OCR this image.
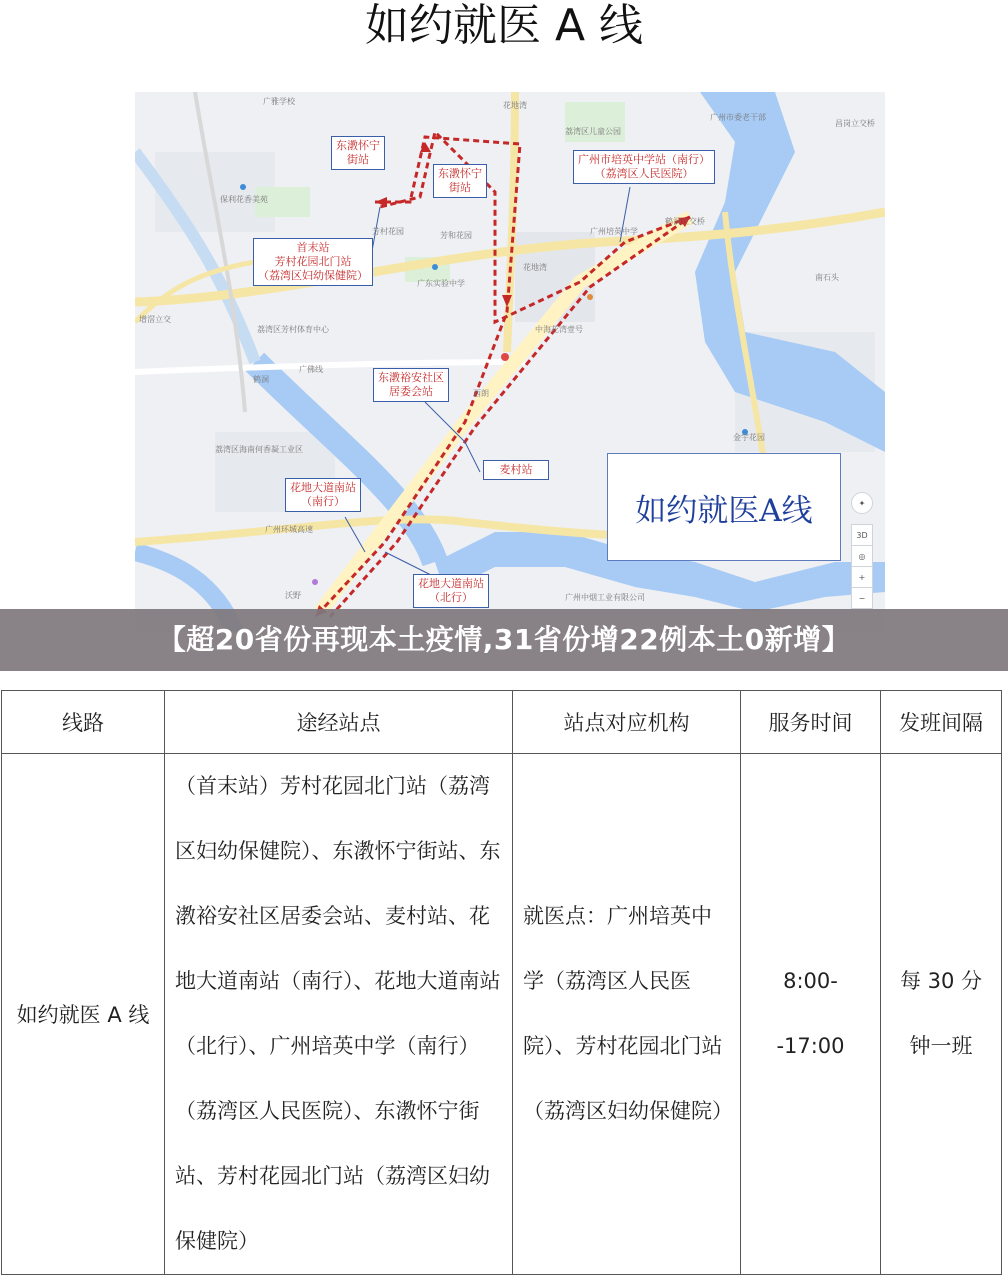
如约就医 A 线
广雅学校	花地湾
荔湾区儿童公园
广州市委老干部
昌岗立交桥
保利花香美苑
芳村花园	芳和花园
花地湾
广东实验中学
增滘立交
荔湾区芳村体育中心
鹤洞
广佛线
中海花湾壹号
西朗
荔湾区海南何香凝工业区
金宇花园
广州环城高速
广州中烟工业有限公司
沃野
鹤洞立交桥
广州培英中学
南石头
东漖怀宁
街站
东漖怀宁
街站
广州市培英中学站（南行）
（荔湾区人民医院）
首末站
芳村花园北门站
（荔湾区妇幼保健院）
东漖裕安社区
居委会站
麦村站
花地大道南站
（南行）
花地大道南站
（北行）
如约就医A线	✦
3D
◎
+
−
【超20省份再现本土疫情,31省份增22例本土0新增】
线路	途经站点	站点对应机构	服务时间	发班间隔
如约就医 A 线	（首末站）芳村花园北门站（荔湾区妇幼保健院）、东漖怀宁街站、东漖裕安社区居委会站、麦村站、花地大道南站（南行）、花地大道南站（北行）、广州培英中学（南行）（荔湾区人民医院）、东漖怀宁街站、芳村花园北门站（荔湾区妇幼保健院）	就医点：广州培英中学（荔湾区人民医院）、芳村花园北门站（荔湾区妇幼保健院）	8:00--17:00	每 30 分钟一班
